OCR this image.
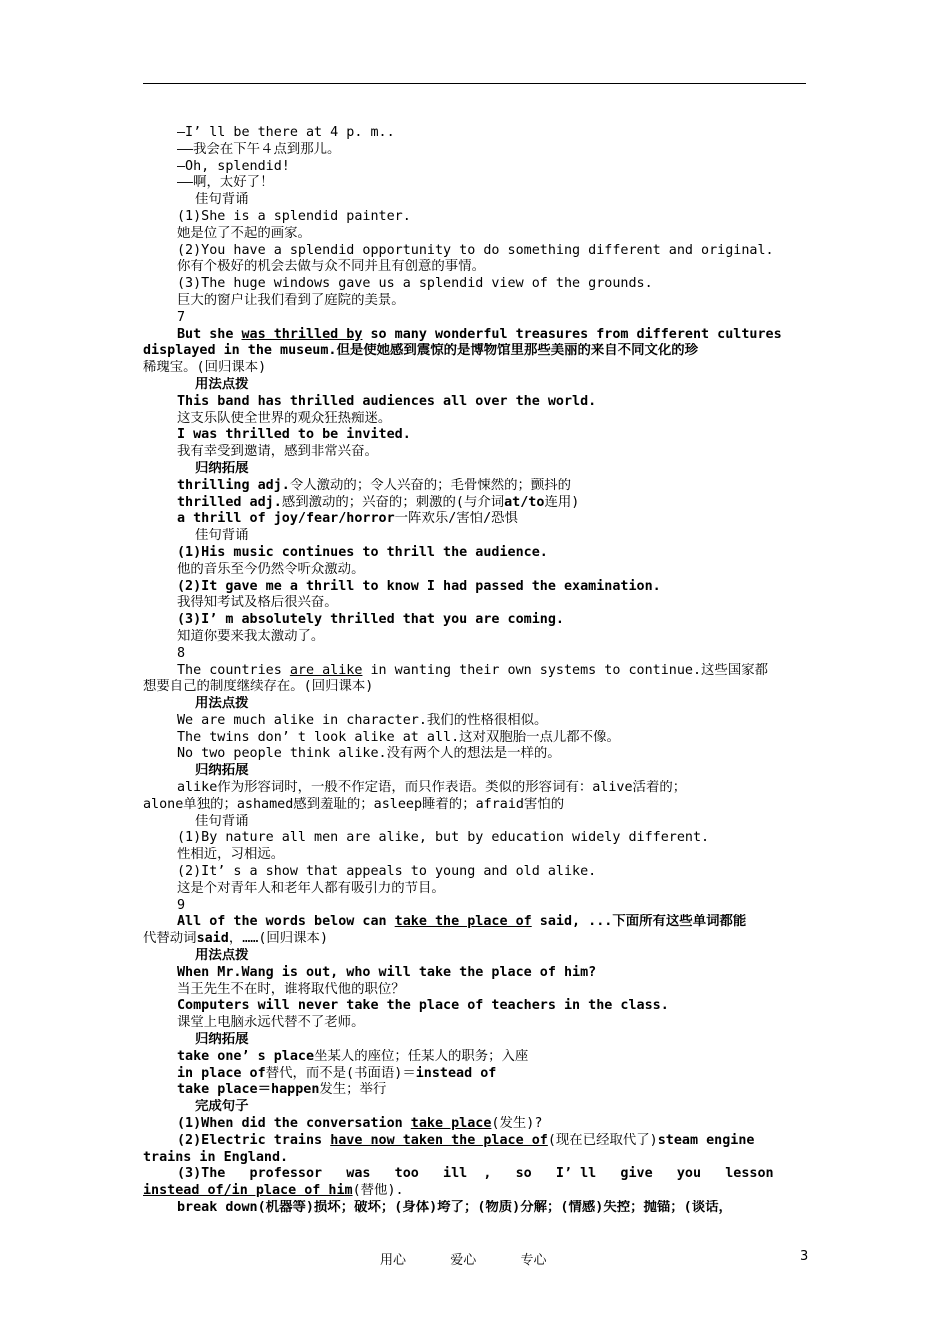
—I’ ll be there at 4 p. m..
——我会在下午４点到那儿。
—Oh, splendid!
——啊，太好了！
佳句背诵
(1)She is a splendid painter.
她是位了不起的画家。
(2)You have a splendid opportunity to do something different and original.
你有个极好的机会去做与众不同并且有创意的事情。
(3)The huge windows gave us a splendid view of the grounds.
巨大的窗户让我们看到了庭院的美景。
7
But she was thrilled by so many wonderful treasures from different cultures
displayed in the museum.但是使她感到震惊的是博物馆里那些美丽的来自不同文化的珍
稀瑰宝。(回归课本)
用法点拨
This band has thrilled audiences all over the world.
这支乐队使全世界的观众狂热痴迷。
I was thrilled to be invited.
我有幸受到邀请，感到非常兴奋。
归纳拓展
thrilling adj.令人激动的；令人兴奋的；毛骨悚然的；颤抖的
thrilled adj.感到激动的；兴奋的；刺激的(与介词at/to连用)
a thrill of joy/fear/horror一阵欢乐/害怕/恐惧
佳句背诵
(1)His music continues to thrill the audience.
他的音乐至今仍然令听众激动。
(2)It gave me a thrill to know I had passed the examination.
我得知考试及格后很兴奋。
(3)I’ m absolutely thrilled that you are coming.
知道你要来我太激动了。
8
The countries are alike in wanting their own systems to continue.这些国家都
想要自己的制度继续存在。(回归课本)
用法点拨
We are much alike in character.我们的性格很相似。
The twins don’ t look alike at all.这对双胞胎一点儿都不像。
No two people think alike.没有两个人的想法是一样的。
归纳拓展
alike作为形容词时，一般不作定语，而只作表语。类似的形容词有：alive活着的；
alone单独的；ashamed感到羞耻的；asleep睡着的；afraid害怕的
佳句背诵
(1)By nature all men are alike, but by education widely different.
性相近，习相远。
(2)It’ s a show that appeals to young and old alike.
这是个对青年人和老年人都有吸引力的节目。
9
All of the words below can take the place of said, ...下面所有这些单词都能
代替动词said，……(回归课本)
用法点拨
When Mr.Wang is out, who will take the place of him?
当王先生不在时，谁将取代他的职位？
Computers will never take the place of teachers in the class.
课堂上电脑永远代替不了老师。
归纳拓展
take one’ s place坐某人的座位；任某人的职务；入座
in place of替代，而不是(书面语)＝instead of
take place＝happen发生；举行
完成句子
(1)When did the conversation take place(发生)?
(2)Electric trains have now taken the place of(现在已经取代了)steam engine
trains in England.
(3)The   professor   was   too   ill  ,   so   I’ ll   give   you   lesson
instead of/in place of him(替他).
break down(机器等)损坏；破坏；(身体)垮了；(物质)分解；(情感)失控；抛锚；(谈话，
用心  爱心  专心	3
